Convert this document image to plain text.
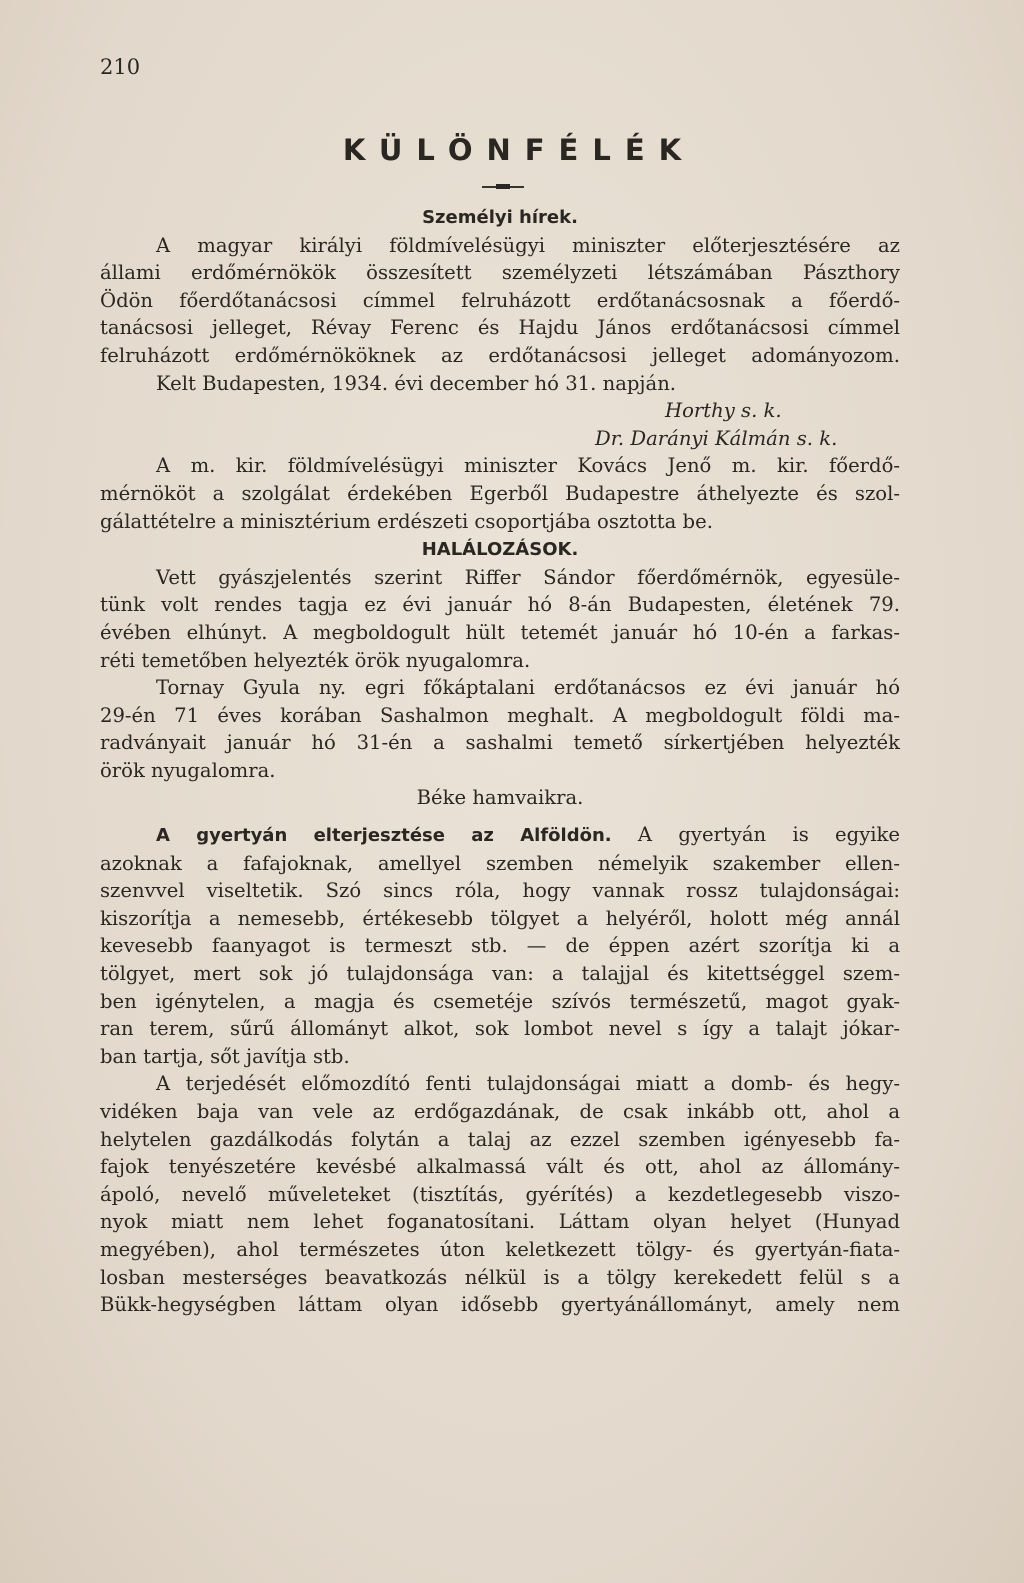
210
KÜLÖNFÉLÉK

Személyi hírek.

A magyar királyi földmívelésügyi miniszter előterjesztésére az
állami erdőmérnökök összesített személyzeti létszámában Pászthory
Ödön főerdőtanácsosi címmel felruházott erdőtanácsosnak a főerdő-
tanácsosi jelleget, Révay Ferenc és Hajdu János erdőtanácsosi címmel
felruházott erdőmérnököknek az erdőtanácsosi jelleget adományozom.
Kelt Budapesten, 1934. évi december hó 31. napján.
Horthy s. k.
Dr. Darányi Kálmán s. k.
A m. kir. földmívelésügyi miniszter Kovács Jenő m. kir. főerdő-
mérnököt a szolgálat érdekében Egerből Budapestre áthelyezte és szol-
gálattételre a minisztérium erdészeti csoportjába osztotta be.

HALÁLOZÁSOK.

Vett gyászjelentés szerint Riffer Sándor főerdőmérnök, egyesüle-
tünk volt rendes tagja ez évi január hó 8-án Budapesten, életének 79.
évében elhúnyt. A megboldogult hült tetemét január hó 10-én a farkas-
réti temetőben helyezték örök nyugalomra.
Tornay Gyula ny. egri főkáptalani erdőtanácsos ez évi január hó
29-én 71 éves korában Sashalmon meghalt. A megboldogult földi ma-
radványait január hó 31-én a sashalmi temető sírkertjében helyezték
örök nyugalomra.
Béke hamvaikra.
A gyertyán elterjesztése az Alföldön. A gyertyán is egyike
azoknak a fafajoknak, amellyel szemben némelyik szakember ellen-
szenvvel viseltetik. Szó sincs róla, hogy vannak rossz tulajdonságai:
kiszorítja a nemesebb, értékesebb tölgyet a helyéről, holott még annál
kevesebb faanyagot is termeszt stb. — de éppen azért szorítja ki a
tölgyet, mert sok jó tulajdonsága van: a talajjal és kitettséggel szem-
ben igénytelen, a magja és csemetéje szívós természetű, magot gyak-
ran terem, sűrű állományt alkot, sok lombot nevel s így a talajt jókar-
ban tartja, sőt javítja stb.
A terjedését előmozdító fenti tulajdonságai miatt a domb- és hegy-
vidéken baja van vele az erdőgazdának, de csak inkább ott, ahol a
helytelen gazdálkodás folytán a talaj az ezzel szemben igényesebb fa-
fajok tenyészetére kevésbé alkalmassá vált és ott, ahol az állomány-
ápoló, nevelő műveleteket (tisztítás, gyérítés) a kezdetlegesebb viszo-
nyok miatt nem lehet foganatosítani. Láttam olyan helyet (Hunyad
megyében), ahol természetes úton keletkezett tölgy- és gyertyán-fiata-
losban mesterséges beavatkozás nélkül is a tölgy kerekedett felül s a
Bükk-hegységben láttam olyan idősebb gyertyánállományt, amely nem
